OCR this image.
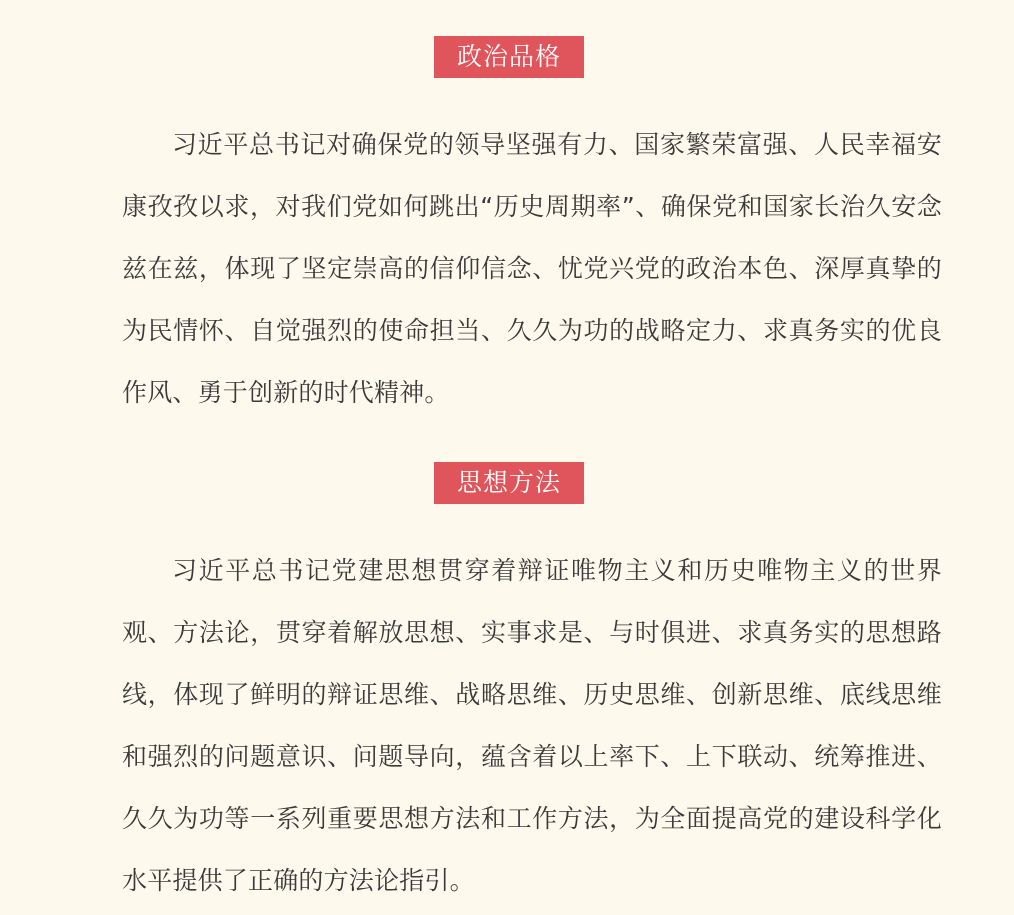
政治品格

习近平总书记对确保党的领导坚强有力、国家繁荣富强、人民幸福安康孜孜以求，对我们党如何跳出“历史周期率”、确保党和国家长治久安念兹在兹，体现了坚定崇高的信仰信念、忧党兴党的政治本色、深厚真挚的为民情怀、自觉强烈的使命担当、久久为功的战略定力、求真务实的优良作风、勇于创新的时代精神。

思想方法

习近平总书记党建思想贯穿着辩证唯物主义和历史唯物主义的世界观、方法论，贯穿着解放思想、实事求是、与时俱进、求真务实的思想路线，体现了鲜明的辩证思维、战略思维、历史思维、创新思维、底线思维和强烈的问题意识、问题导向，蕴含着以上率下、上下联动、统筹推进、久久为功等一系列重要思想方法和工作方法，为全面提高党的建设科学化水平提供了正确的方法论指引。
